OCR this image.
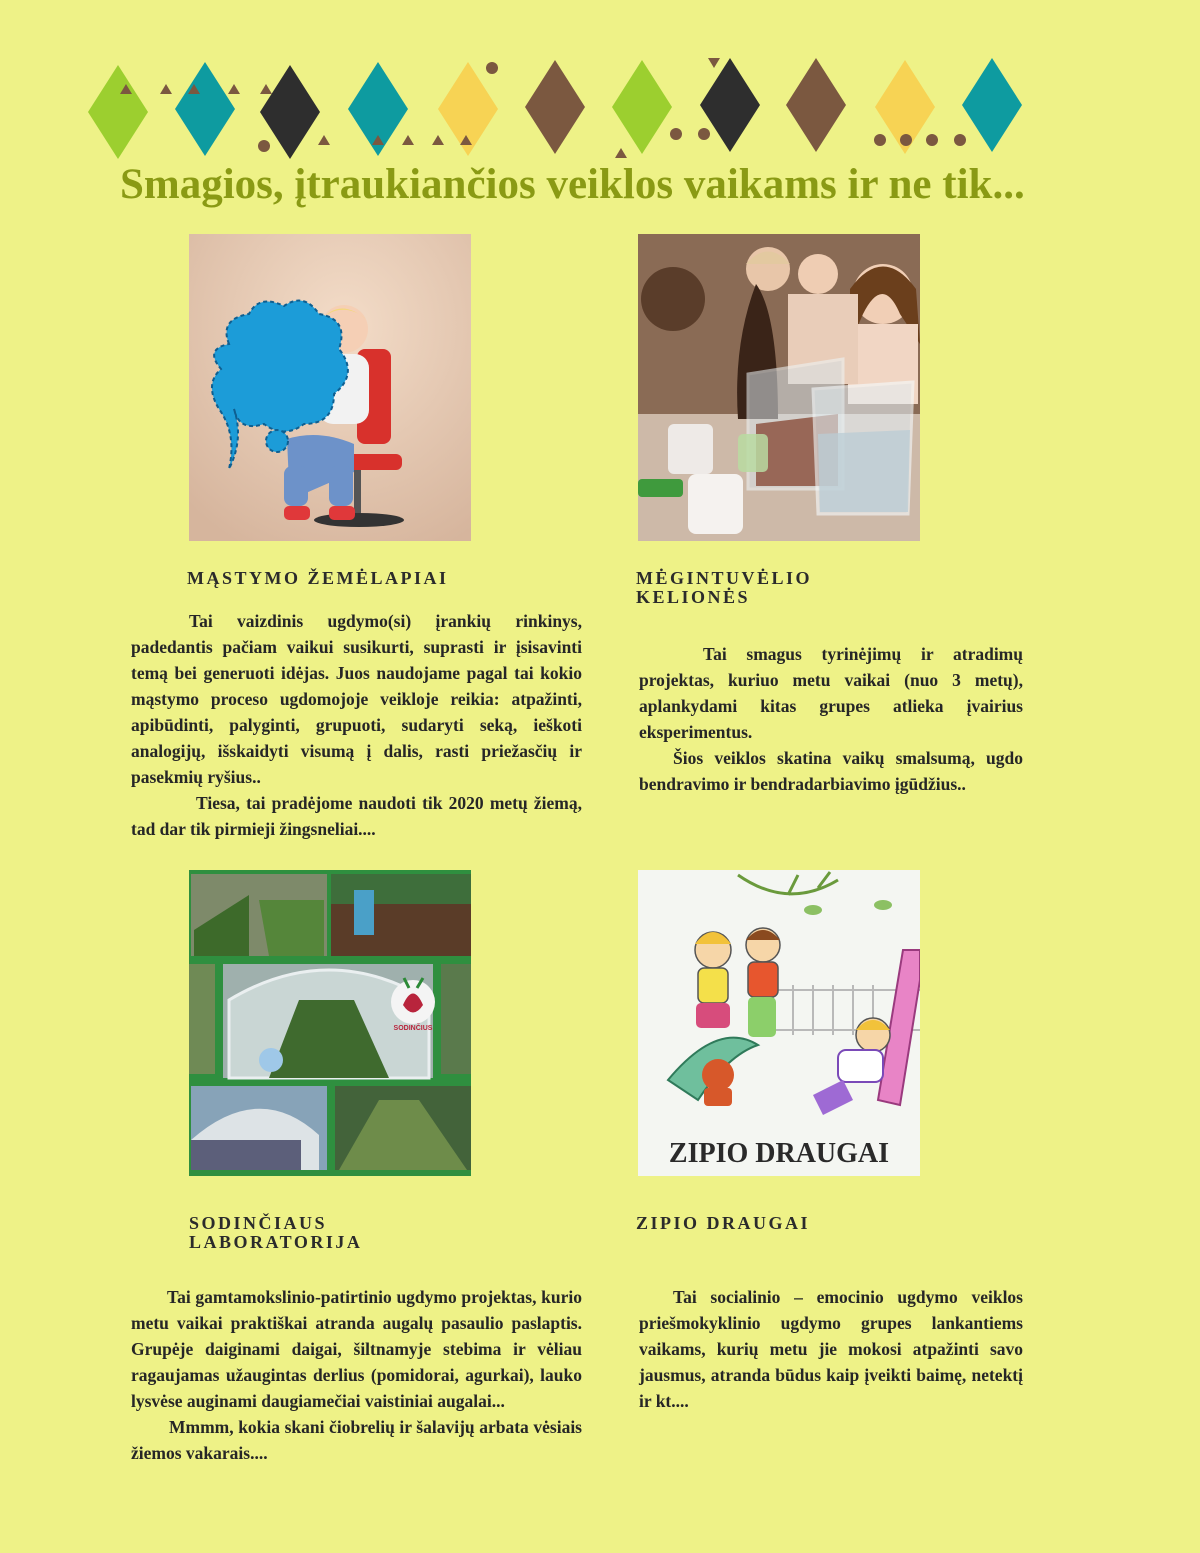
Smagios, įtraukiančios veiklos vaikams ir ne tik...
MĄSTYMO ŽEMĖLAPIAI	MĖGINTUVĖLIO KELIONĖS

Tai vaizdinis ugdymo(si) įrankių rinkinys, padedantis pačiam vaikui susikurti, suprasti ir įsisavinti temą bei generuoti idėjas. Juos naudojame pagal tai kokio mąstymo proceso ugdomojoje veikloje reikia: atpažinti, apibūdinti, palyginti, grupuoti, sudaryti seką, ieškoti analogijų, išskaidyti visumą į dalis, rasti priežasčių ir pasekmių ryšius..

Tiesa, tai pradėjome naudoti tik 2020 metų žiemą, tad dar tik pirmieji žingsneliai....

Tai smagus tyrinėjimų ir atradimų projektas, kuriuo metu vaikai (nuo 3 metų), aplankydami kitas grupes atlieka įvairius eksperimentus.

Šios veiklos skatina vaikų smalsumą, ugdo bendravimo ir bendradarbiavimo įgūdžius..

SODINČIUS
ZIPIO DRAUGAI
SODINČIAUS LABORATORIJA
ZIPIO DRAUGAI

Tai gamtamokslinio-patirtinio ugdymo projektas, kurio metu vaikai praktiškai atranda augalų pasaulio paslaptis. Grupėje daiginami daigai, šiltnamyje stebima ir vėliau ragaujamas užaugintas derlius (pomidorai, agurkai), lauko lysvėse auginami daugiamečiai vaistiniai augalai...

Mmmm, kokia skani čiobrelių ir šalavijų arbata vėsiais žiemos vakarais....

Tai socialinio – emocinio ugdymo veiklos priešmokyklinio ugdymo grupes lankantiems vaikams, kurių metu jie mokosi atpažinti savo jausmus, atranda būdus kaip įveikti baimę, netektį ir kt....
